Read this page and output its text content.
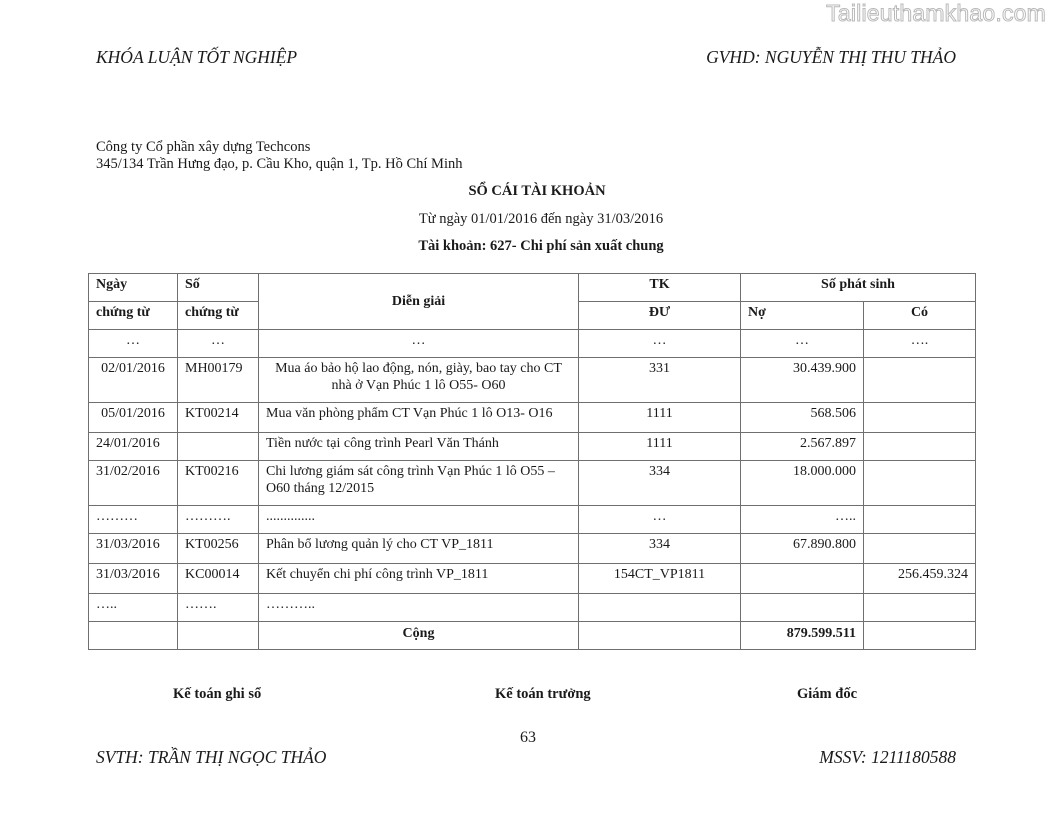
Tailieuthamkhao.com
KHÓA LUẬN TỐT NGHIỆP	GVHD: NGUYỄN THỊ THU THẢO
Công ty Cổ phần xây dựng Techcons
345/134 Trần Hưng đạo, p. Cầu Kho, quận 1, Tp. Hồ Chí Minh
SỔ CÁI TÀI KHOẢN
Từ ngày 01/01/2016 đến ngày 31/03/2016
Tài khoản: 627- Chi phí sản xuất chung
Ngày	Số	Diễn giải	TK	Số phát sinh	
chứng từ	chứng từ		ĐƯ	Nợ	Có
…	…	…	…	…	….
02/01/2016	MH00179	Mua áo bảo hộ lao động, nón, giày, bao tay cho CT nhà ở Vạn Phúc 1 lô O55- O60	331	30.439.900	
05/01/2016	KT00214	Mua văn phòng phẩm CT Vạn Phúc 1 lô O13- O16	1111	568.506	
24/01/2016		Tiền nước tại công trình Pearl Văn Thánh	1111	2.567.897	
31/02/2016	KT00216	Chi lương giám sát công trình Vạn Phúc 1 lô O55 – O60 tháng 12/2015	334	18.000.000	
………	……….	..............	…	…..	
31/03/2016	KT00256	Phân bổ lương quản lý cho CT VP_1811	334	67.890.800	
31/03/2016	KC00014	Kết chuyển chi phí công trình VP_1811	154CT_VP1811		256.459.324
…..	…….	………..			
		Cộng		879.599.511	
Kế toán ghi sổ	Kế toán trưởng	Giám đốc
63
SVTH: TRẦN THỊ NGỌC THẢO	MSSV: 1211180588
